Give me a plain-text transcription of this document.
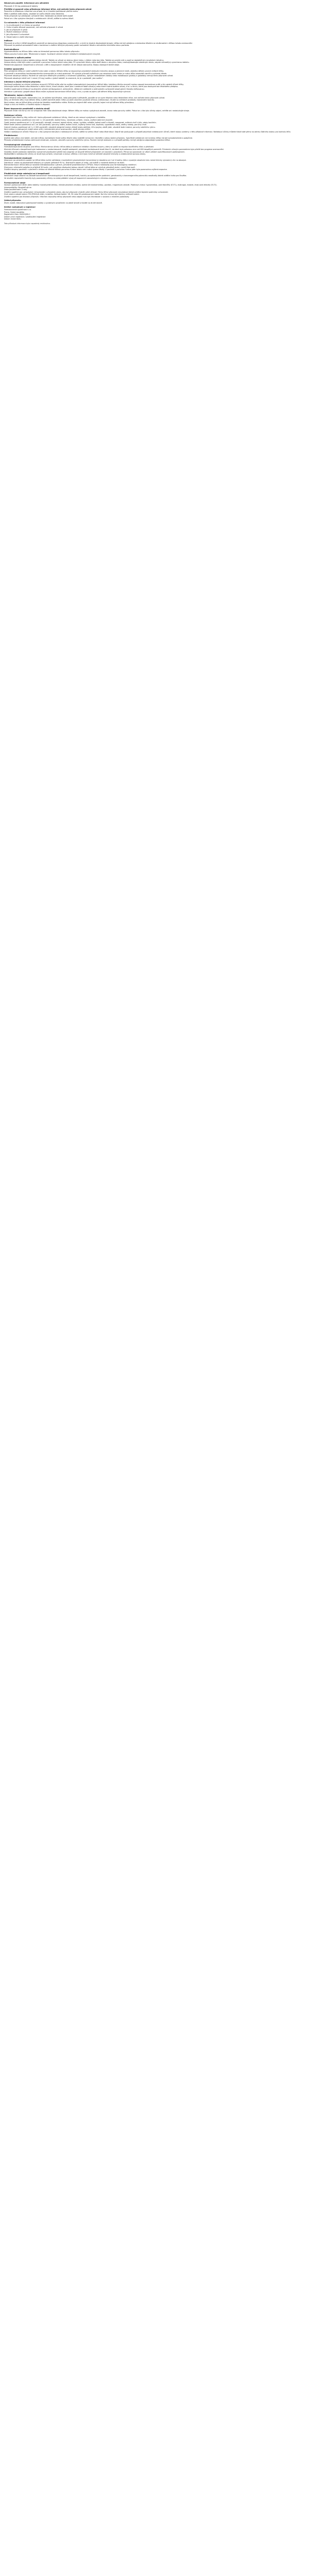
Návod pro použití: Informace pro uživatele
Přípravek X 50 mg potahované tablety
Přečtěte si pozorně celou příbalovou informaci dříve, než začnete tento přípravek užívat
Ponechte si příbalovou informaci pro případ, že si ji budete potřebovat přečíst znovu.
Máte-li jakékoli další otázky, zeptejte se svého lékaře nebo lékárníka.
Tento přípravek byl předepsán výhradně Vám. Nedávejte jej žádné další osobě.
Pokud se u Vás vyskytne kterýkoli z nežádoucích účinků, sdělte to svému lékaři.
Co naleznete v této příbalové informaci
1. Co je přípravek X a k čemu se používá
2. Čemu musíte věnovat pozornost, než začnete přípravek X užívat
3. Jak se přípravek X užívá
4. Možné nežádoucí účinky
5. Jak přípravek X uchovávat
6. Obsah balení a další informace
Indikace
Přípravek je určen k léčbě dospělých pacientů se stanovenou diagnózou onemocnění, u nichž je vhodná dlouhodobá terapie. Léčba má být zahájena a sledována lékařem se zkušenostmi s léčbou tohoto onemocnění.
Přípravek se podává samostatně nebo v kombinaci s dalšími léčivými přípravky podle rozhodnutí lékaře a aktuálního klinického stavu pacienta.
Kontraindikace
Hypersenzitivita na léčivou látku nebo na kteroukoli pomocnou látku tohoto přípravku.
Těžká porucha funkce jater. Těhotenství a kojení. Současné užívání silných inhibitorů metabolizujících enzymů.
Dávkování a způsob podání
Doporučená dávka je jedna tableta jednou denně. Tablety se užívají ve stejnou denní dobu, s jídlem nebo bez jídla. Tableta se polyká celá a zapíjí se dostatečným množstvím tekutiny.
Úprava dávky může být nutná u pacientů s poruchou funkce ledvin nebo jater. Při vynechání dávky užijte další dávku v obvyklou dobu; nezdvojnásobujte následující dávku, abyste nahradil(a) vynechanou tabletu.
Pediatrická populace: bezpečnost a účinnost u dětí a dospívajících mladších 18 let nebyla stanovena. Nejsou dostupné žádné údaje.
Zvláštní upozornění
Před zahájením léčby je nutné vyšetřit funkci jater a ledvin. Během léčby se doporučuje pravidelné sledování krevního obrazu a jaterních testů, zejména během prvních měsíců léčby.
U pacientů s anamnézou kardiovaskulárního onemocnění je nutná opatrnost. Při výskytu příznaků svědčících pro závažnou kožní reakci je nutno léčbu okamžitě ukončit a vyhledat lékaře.
Přípravek obsahuje laktózu. Pacienti se vzácnými dědičnými problémy s intolerancí galaktózy, úplným nedostatkem laktázy nebo malabsorpcí glukózy a galaktózy nemají tento přípravek užívat.
Přípravek obsahuje méně než 1 mmol (23 mg) sodíku v jedné tabletě, to znamená, že je v podstatě „bez sodíku“.
Interakce s jinými léčivými přípravky
Současné podávání se silnými inhibitory enzymů CYP3A4 může vést ke zvýšení plazmatických koncentrací léčivé látky. Induktory těchto enzymů mohou naopak koncentrace snížit a tím oslabit účinek léčby.
Informujte svého lékaře nebo lékárníka o všech lécích, které užíváte, které jste v nedávné době užíval(a) nebo které možná budete užívat, a to i o lécích, které jsou dostupné bez lékařského předpisu.
Zvláštní opatrnosti je třeba při současném užívání antikoagulancií, antiarytmik, některých antibiotik a antimykotik a přípravků obsahujících třezalku tečkovanou.
Interakce s potravou: grapefruitová šťáva může zvyšovat koncentrace léčivé látky v krvi, a proto se jejímu pití během léčby doporučuje vyhnout.
Těhotenství, kojení a fertilita
Jste-li těhotná nebo kojíte, domníváte-li se, že můžete být těhotná, nebo plánujete-li otěhotnět, poraďte se se svým lékařem nebo lékárníkem dříve, než začnete tento přípravek užívat.
Ženy ve fertilním věku musí během léčby a ještě nejméně jeden měsíc po jejím ukončení používat účinnou antikoncepci. Studie na zvířatech prokázaly reprodukční toxicitu.
Není známo, zda se léčivá látka vylučuje do lidského mateřského mléka. Riziko pro kojené dítě nelze vyloučit; kojení má být během léčby přerušeno.
Údaje o vlivu na fertilitu u člověka nejsou k dispozici.
Řízení dopravních prostředků a obsluha strojů
Přípravek může mít mírný vliv na schopnost řídit nebo obsluhovat stroje. Během léčby se mohou vyskytnout závratě, únava nebo poruchy vidění. Pokud se u Vás tyto účinky objeví, neřiďte ani neobsluhujte stroje.
Nežádoucí účinky
Podobně jako všechny léky může mít i tento přípravek nežádoucí účinky, které se ale nemusí vyskytnout u každého.
Velmi časté (mohou postihnout více než 1 z 10 pacientů): bolest hlavy, nevolnost, průjem, únava, zvýšení jaterních enzymů.
Časté (mohou postihnout až 1 z 10 pacientů): závratě, zvracení, bolest břicha, zácpa, vyrážka, svědění, bolest svalů a kloubů, nespavost, snížená chuť k jídlu, otoky končetin.
Méně časté (mohou postihnout až 1 ze 100 pacientů): poruchy vidění, bušení srdce, zvýšený krevní tlak, kopřivka, vypadávání vlasů, změny nálady, poruchy chuti.
Vzácné (mohou postihnout až 1 z 1 000 pacientů): závažné alergické reakce včetně otoku obličeje, rtů a jazyka, zánět jater, závažné kožní reakce, poruchy srdečního rytmu.
Není známo (z dostupných údajů nelze určit): intersticiální plicní onemocnění, zánět slinivky břišní.
Hlášení nežádoucích účinků: Pokud se u Vás vyskytne kterýkoli z nežádoucích účinků, sdělte to svému lékaři nebo lékárníkovi. Stejně tak postupujte v případě jakýchkoli nežádoucích účinků, které nejsou uvedeny v této příbalové informaci. Nežádoucí účinky můžete hlásit také přímo na adresu Státního ústavu pro kontrolu léčiv.
Předávkování
Jestliže jste užil(a) více tablet, než jste měl(a), kontaktujte ihned svého lékaře nebo nejbližší nemocnici. Vezměte s sebou balení přípravku. Specifické antidotum není známo; léčba má být symptomatická a podpůrná.
Příznaky předávkování mohou zahrnovat nevolnost, zvracení, závratě a poruchy srdečního rytmu. Pacient má být sledován a v případě potřeby má být zahájena odpovídající podpůrná léčba.
Farmakologické vlastnosti
Farmakoterapeutická skupina: jiná léčiva. Mechanismus účinku: léčivá látka je selektivní inhibitor cílového enzymu, který se podílí na regulaci buněčného růstu a přežívání.
Klinická účinnost a bezpečnost byla hodnocena v randomizované, dvojitě zaslepené, placebem kontrolované studii fáze III, do které bylo zařazeno více než 600 dospělých pacientů. Primárním cílovým parametrem bylo přežití bez progrese onemocnění.
Výsledky studie prokázaly statisticky významné prodloužení přežití bez progrese ve skupině léčené přípravkem ve srovnání s placebem. Přínos byl pozorován ve všech předem specifikovaných podskupinách.
Nejčastějšími nežádoucími účinky ve studii byly průjem, nevolnost a únava; většina z nich byla mírné až středně závažné intenzity a zvládnutelná úpravou dávky.
Farmakokinetické vlastnosti
Absorpce: po perorálním podání se léčivá látka rychle vstřebává, maximálních plazmatických koncentrací je dosaženo za 2 až 4 hodiny. Jídlo s vysokým obsahem tuku nemá klinicky významný vliv na absorpci.
Distribuce: vazba na plazmatické bílkoviny je vysoká (přibližně 95 %). Distribuční objem je velký, což svědčí o rozsáhlé distribuci do tkání.
Biotransformace: léčivá látka je rozsáhle metabolizována v játrech, převážně prostřednictvím CYP3A4. Hlavní metabolity jsou farmakologicky neaktivní.
Eliminace: eliminační poločas je přibližně 30 hodin, což umožňuje dávkování jednou denně. Léčivá látka se vylučuje převážně stolicí, menší část močí.
Zvláštní skupiny pacientů: u pacientů s lehkou až středně těžkou poruchou funkce ledvin není nutná úprava dávky. U pacientů s poruchou funkce jater byla pozorována zvýšená expozice.
Předklinické údaje vztahující se k bezpečnosti
Neklinické údaje získané na základě konvenčních farmakologických studií bezpečnosti, toxicity po opakovaném podávání, genotoxicity a kancerogenního potenciálu neodhalily žádné zvláštní riziko pro člověka.
Ve studiích reprodukční toxicity byly pozorovány účinky na embryofetální vývoj při expozicích srovnatelných s klinickou expozicí.
Farmaceutické údaje
Seznam pomocných látek: Jádro tablety: monohydrát laktózy, mikrokrystalická celulóza, sodná sůl kroskarmelózy, povidon, magnesium-stearát. Potahová vrstva: hypromelóza, oxid titaničitý (E171), makrogol, mastek, žlutý oxid železitý (E172).
Inkompatibility: Neuplatňuje se.
Doba použitelnosti: 3 roky.
Zvláštní opatření pro uchovávání: Uchovávejte v původním obalu, aby byl přípravek chráněn před vlhkostí. Tento léčivý přípravek nevyžaduje žádné zvláštní teplotní podmínky uchovávání.
Druh obalu a obsah balení: PVC/PVDC/Al blistr, krabička. Velikost balení: 28, 30 nebo 90 potahovaných tablet. Na trhu nemusí být všechny velikosti balení.
Zvláštní opatření pro likvidaci přípravku: Všechen nepoužitý léčivý přípravek nebo odpad musí být zlikvidován v souladu s místními požadavky.
Vzhled přípravku
Žluté, kulaté, bikonvexní potahované tablety s vyraženým označením na jedné straně a hladké na druhé straně.
Držitel rozhodnutí o registraci
Farmaceutická společnost s.r.o.
Praha, Česká republika
Registrační číslo: 00/000/00-C
Datum první registrace / prodloužení registrace
Datum revize textu
Tato příbalová informace byla naposledy revidována.
